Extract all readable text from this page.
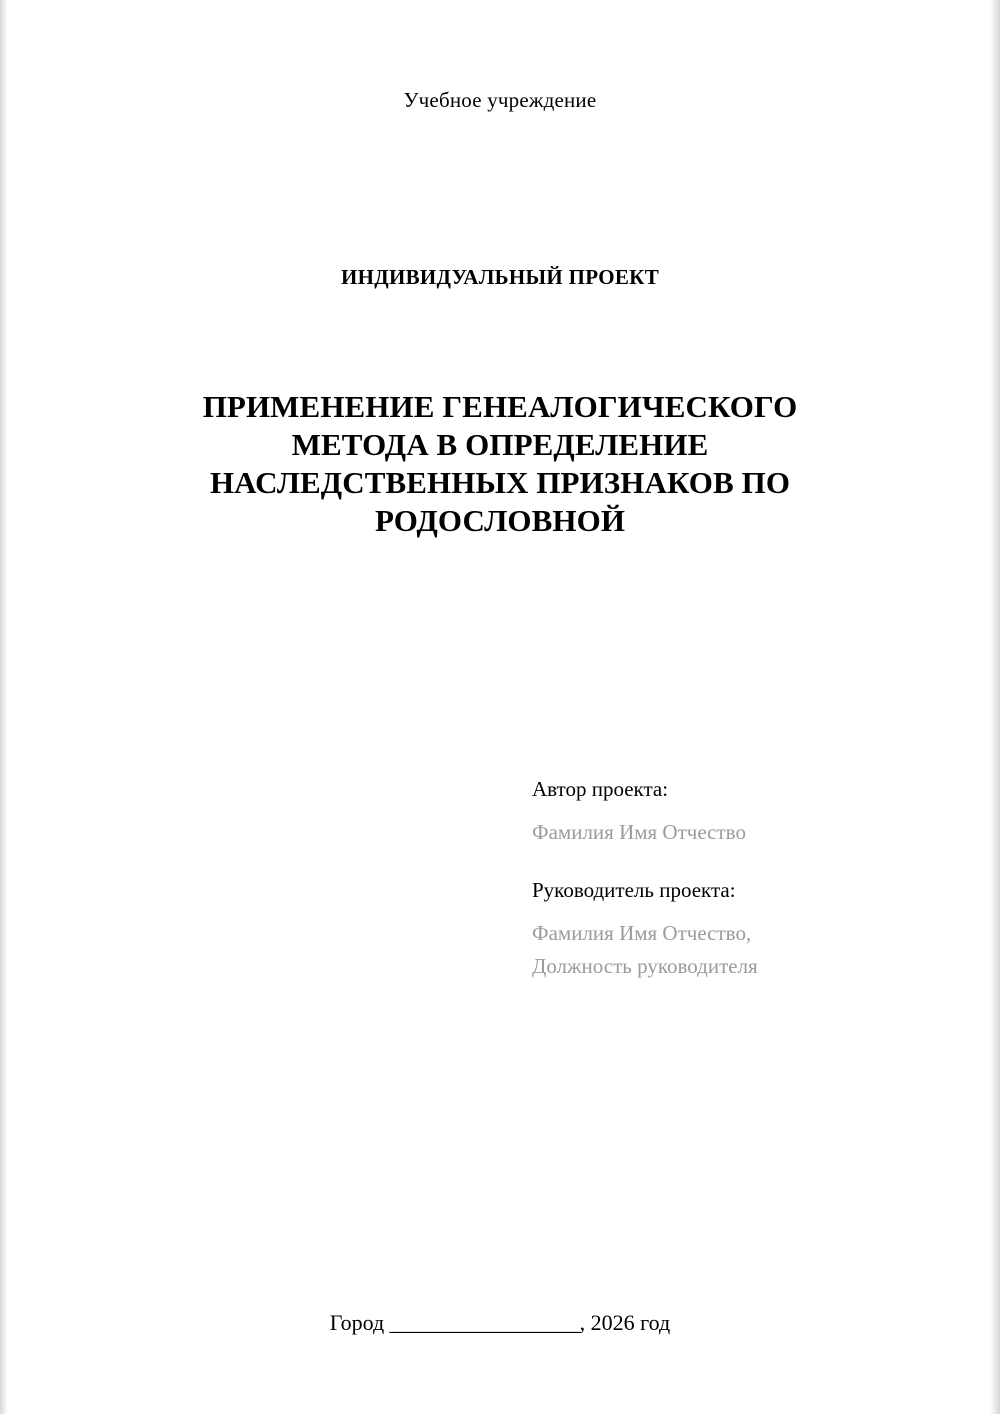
Учебное учреждение
ИНДИВИДУАЛЬНЫЙ ПРОЕКТ
ПРИМЕНЕНИЕ ГЕНЕАЛОГИЧЕСКОГО МЕТОДА В ОПРЕДЕЛЕНИЕ НАСЛЕДСТВЕННЫХ ПРИЗНАКОВ ПО РОДОСЛОВНОЙ
Автор проекта:
Фамилия Имя Отчество
Руководитель проекта:
Фамилия Имя Отчество,
Должность руководителя
Город ___________________, 2026 год
